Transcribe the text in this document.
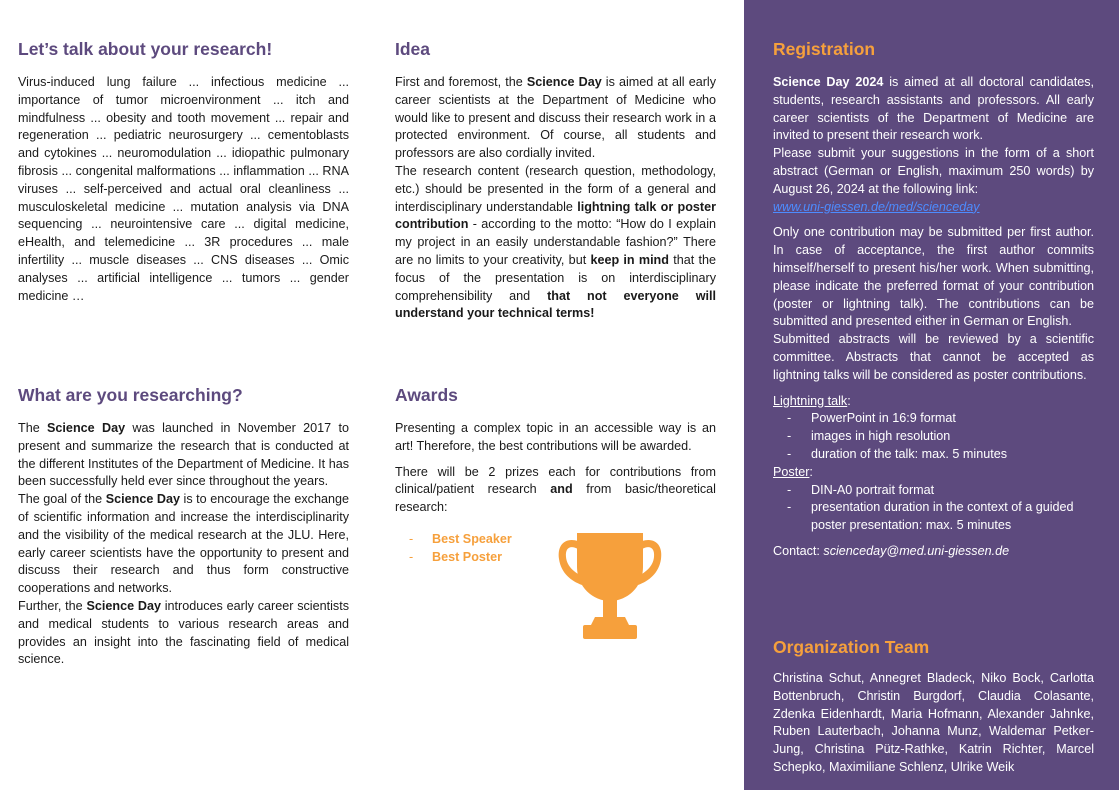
Let’s talk about your research!

Virus-induced lung failure ... infectious medicine ... importance of tumor microenvironment ... itch and mindfulness ... obesity and tooth movement ... repair and regeneration ... pediatric neurosurgery ... cementoblasts and cytokines ... neuromodulation ... idiopathic pulmonary fibrosis ... congenital malformations ... inflammation ... RNA viruses ... self-perceived and actual oral cleanliness ... musculoskeletal medicine ... mutation analysis via DNA sequencing ... neurointensive care ... digital medicine, eHealth, and telemedicine ... 3R procedures ... male infertility ... muscle diseases ... CNS diseases ... Omic analyses ... artificial intelligence ... tumors ... gender medicine …

What are you researching?

The Science Day was launched in November 2017 to present and summarize the research that is conducted at the different Institutes of the Department of Medicine. It has been successfully held ever since throughout the years.

The goal of the Science Day is to encourage the exchange of scientific information and increase the interdisciplinarity and the visibility of the medical research at the JLU. Here, early career scientists have the opportunity to present and discuss their research and thus form constructive cooperations and networks.

Further, the Science Day introduces early career scientists and medical students to various research areas and provides an insight into the fascinating field of medical science.

Idea

First and foremost, the Science Day is aimed at all early career scientists at the Department of Medicine who would like to present and discuss their research work in a protected environment. Of course, all students and professors are also cordially invited.

The research content (research question, methodology, etc.) should be presented in the form of a general and interdisciplinary understandable lightning talk or poster contribution - according to the motto: “How do I explain my project in an easily understandable fashion?” There are no limits to your creativity, but keep in mind that the focus of the presentation is on interdisciplinary comprehensibility and that not everyone will understand your technical terms!

Awards

Presenting a complex topic in an accessible way is an art! Therefore, the best contributions will be awarded.

There will be 2 prizes each for contributions from clinical/patient research and from basic/theoretical research:

- Best Speaker
- Best Poster
Registration

Science Day 2024 is aimed at all doctoral candidates, students, research assistants and professors. All early career scientists of the Department of Medicine are invited to present their research work.

Please submit your suggestions in the form of a short abstract (German or English, maximum 250 words) by August 26, 2024 at the following link:

www.uni-giessen.de/med/scienceday

Only one contribution may be submitted per first author. In case of acceptance, the first author commits himself/herself to present his/her work. When submitting, please indicate the preferred format of your contribution (poster or lightning talk). The contributions can be submitted and presented either in German or English.

Submitted abstracts will be reviewed by a scientific committee. Abstracts that cannot be accepted as lightning talks will be considered as poster contributions.

Lightning talk:

- PowerPoint in 16:9 format
- images in high resolution
- duration of the talk: max. 5 minutes

Poster:

- DIN-A0 portrait format
- presentation duration in the context of a guided poster presentation: max. 5 minutes

Contact: scienceday@med.uni-giessen.de

Organization Team

Christina Schut, Annegret Bladeck, Niko Bock, Carlotta Bottenbruch, Christin Burgdorf, Claudia Colasante, Zdenka Eidenhardt, Maria Hofmann, Alexander Jahnke, Ruben Lauterbach, Johanna Munz, Waldemar Petker-Jung, Christina Pütz-Rathke, Katrin Richter, Marcel Schepko, Maximiliane Schlenz, Ulrike Weik
